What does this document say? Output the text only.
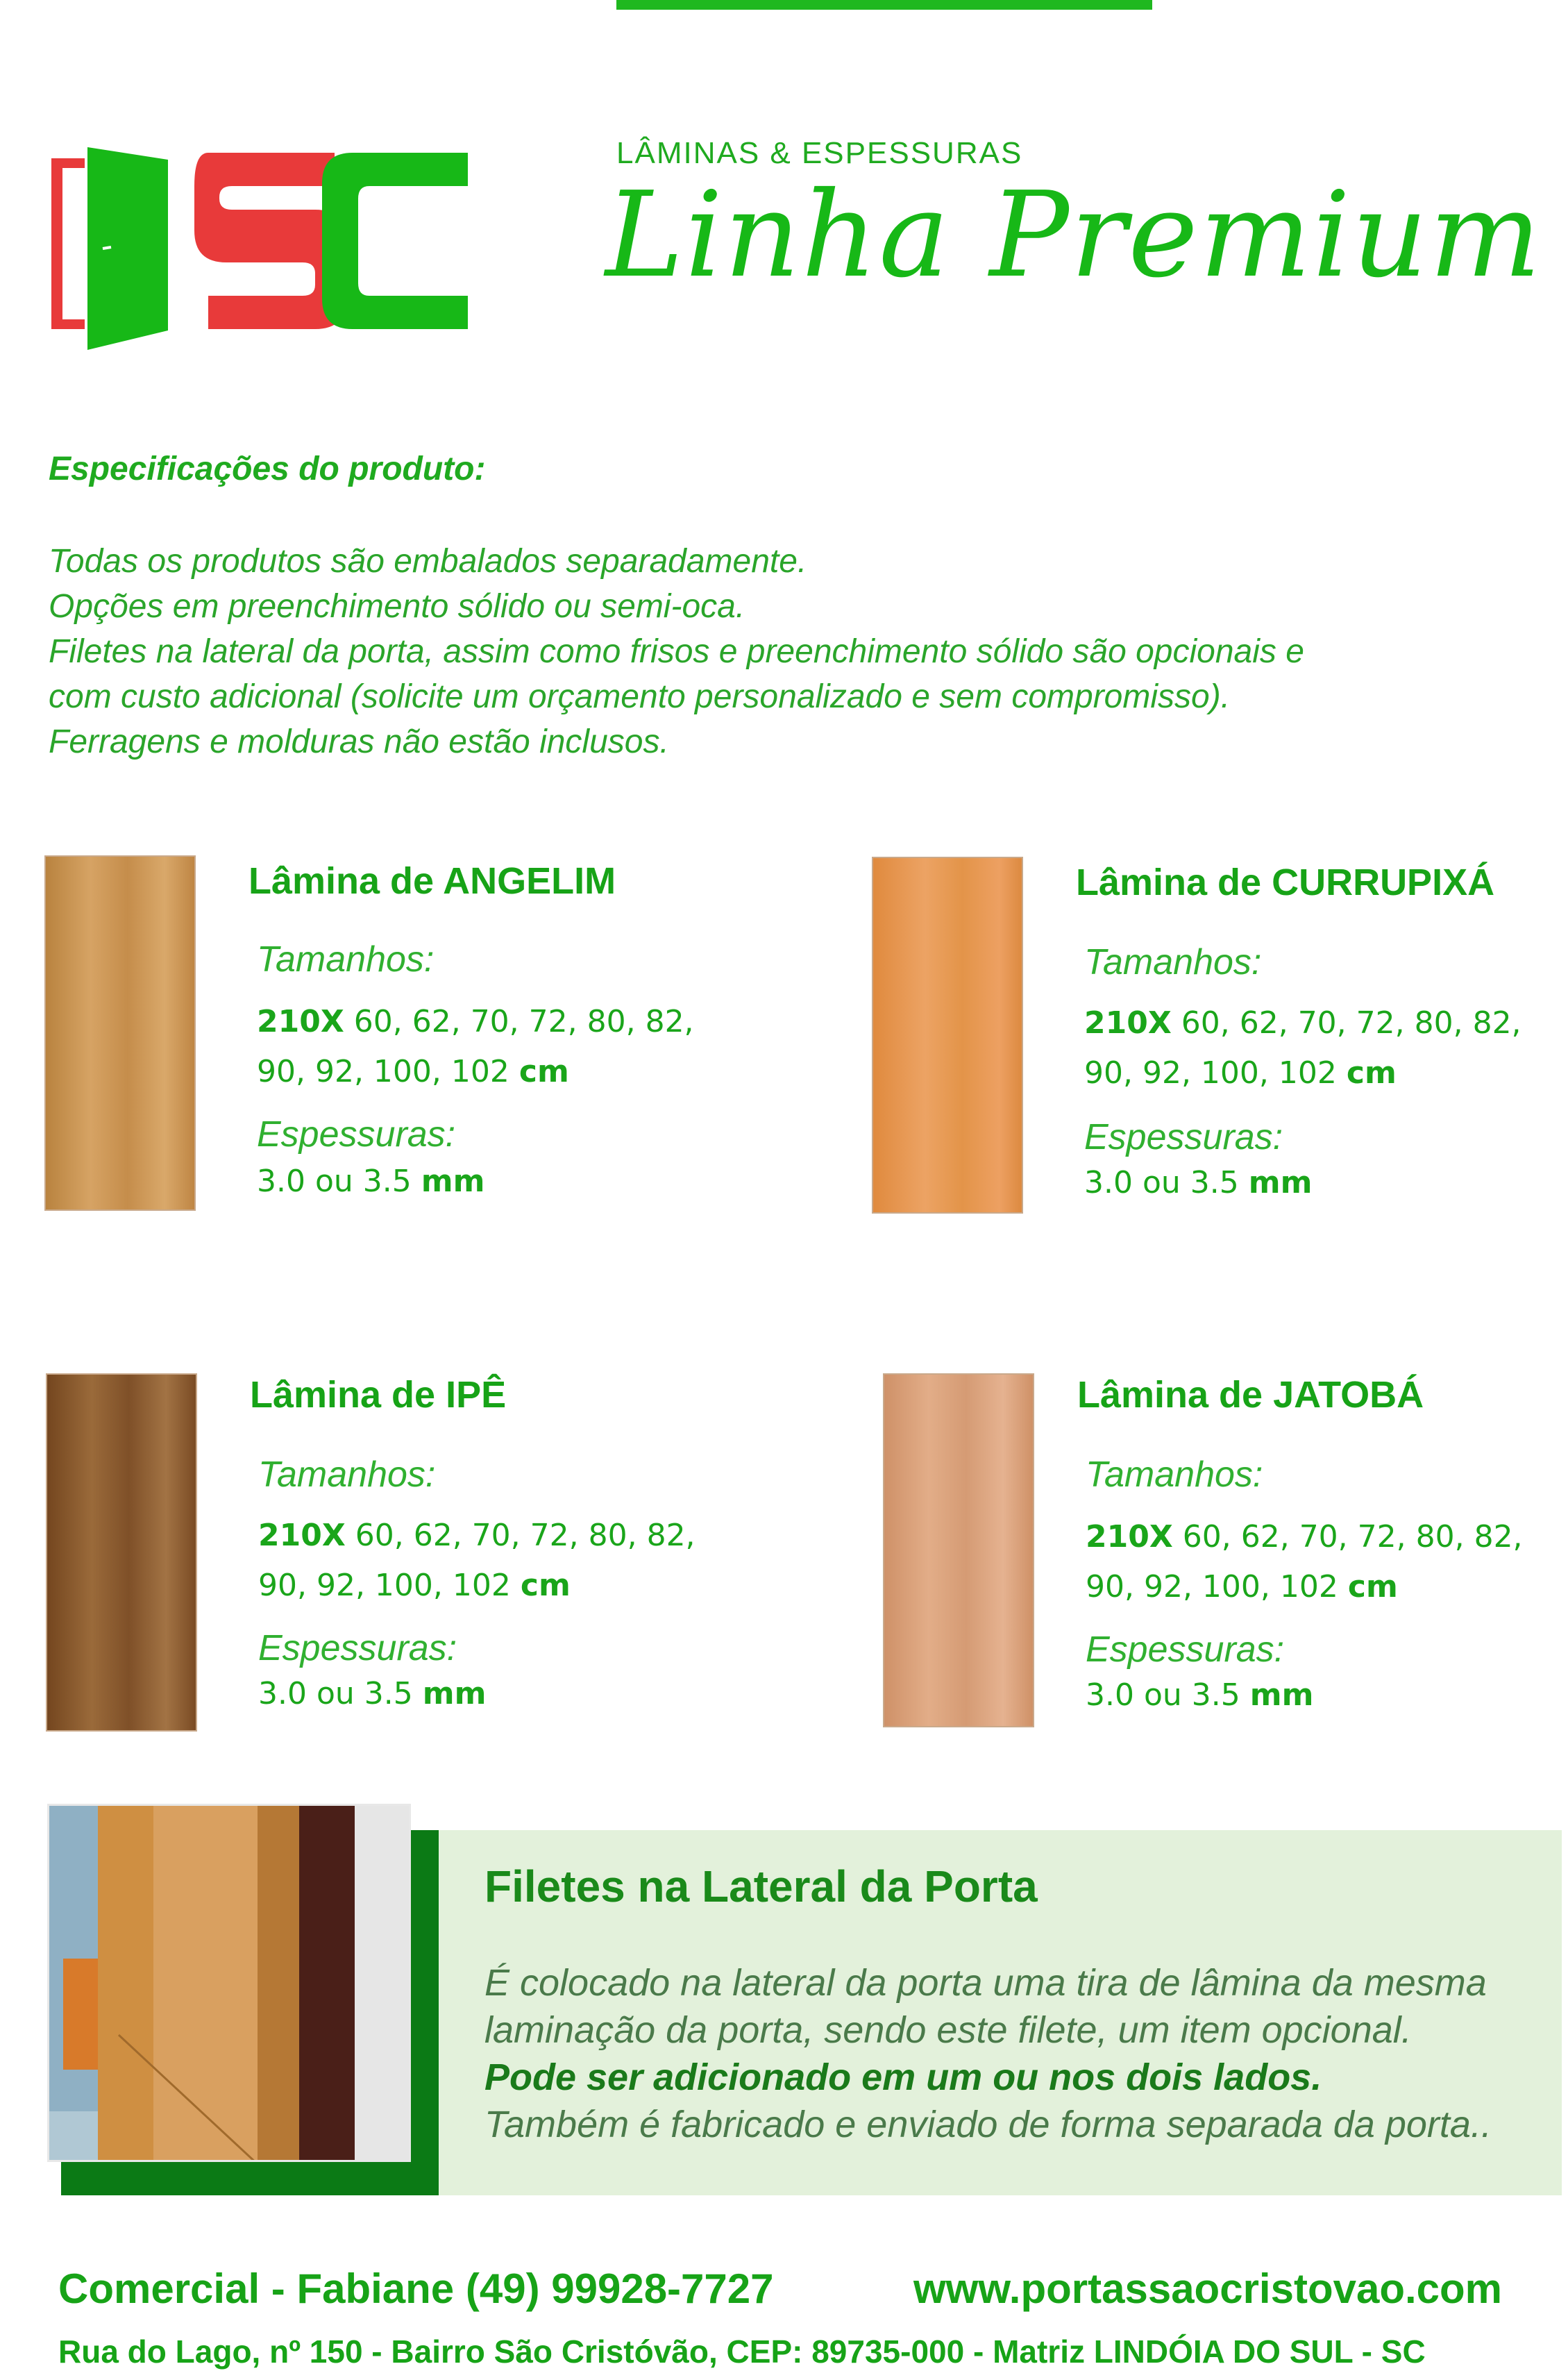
LÂMINAS & ESPESSURAS
Linha Premium
Especificações do produto:
Todas os produtos são embalados separadamente.
Opções em preenchimento sólido ou semi-oca.
Filetes na lateral da porta, assim como frisos e preenchimento sólido são opcionais e
com custo adicional (solicite um orçamento personalizado e sem compromisso).
Ferragens e molduras não estão inclusos.
Lâmina de ANGELIM
Tamanhos:
210X 60, 62, 70, 72, 80, 82,
90, 92, 100, 102 cm
Espessuras:
3.0 ou 3.5 mm
Lâmina de CURRUPIXÁ
Tamanhos:
210X 60, 62, 70, 72, 80, 82,
90, 92, 100, 102 cm
Espessuras:
3.0 ou 3.5 mm
Lâmina de IPÊ
Tamanhos:
210X 60, 62, 70, 72, 80, 82,
90, 92, 100, 102 cm
Espessuras:
3.0 ou 3.5 mm
Lâmina de JATOBÁ
Tamanhos:
210X 60, 62, 70, 72, 80, 82,
90, 92, 100, 102 cm
Espessuras:
3.0 ou 3.5 mm
Filetes na Lateral da Porta
É colocado na lateral da porta uma tira de lâmina da mesma
laminação da porta, sendo este filete, um item opcional.
Pode ser adicionado em um ou nos dois lados.
Também é fabricado e enviado de forma separada da porta..
Comercial - Fabiane (49) 99928-7727	www.portassaocristovao.com
Rua do Lago, nº 150 - Bairro São Cristóvão, CEP: 89735-000 - Matriz LINDÓIA DO SUL - SC
